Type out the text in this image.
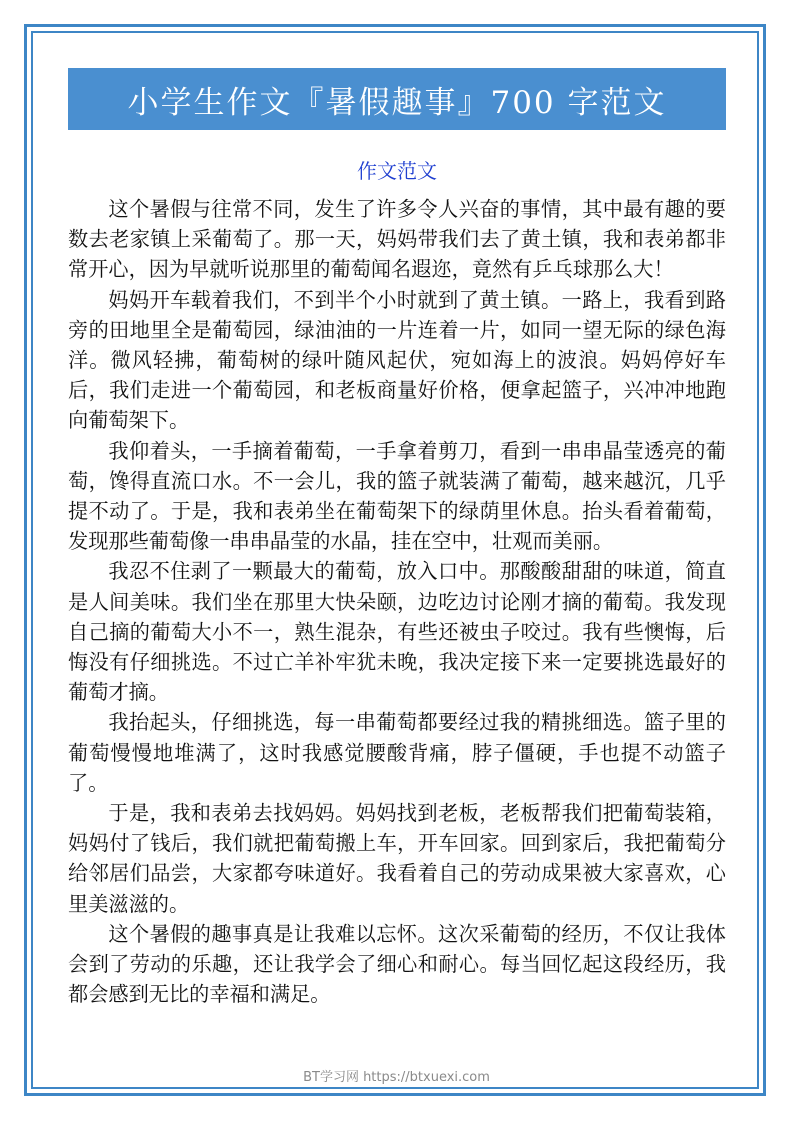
小学生作文『暑假趣事』700 字范文
作文范文

这个暑假与往常不同，发生了许多令人兴奋的事情，其中最有趣的要数去老家镇上采葡萄了。那一天，妈妈带我们去了黄土镇，我和表弟都非常开心，因为早就听说那里的葡萄闻名遐迩，竟然有乒乓球那么大！

妈妈开车载着我们，不到半个小时就到了黄土镇。一路上，我看到路旁的田地里全是葡萄园，绿油油的一片连着一片，如同一望无际的绿色海洋。微风轻拂，葡萄树的绿叶随风起伏，宛如海上的波浪。妈妈停好车后，我们走进一个葡萄园，和老板商量好价格，便拿起篮子，兴冲冲地跑向葡萄架下。

我仰着头，一手摘着葡萄，一手拿着剪刀，看到一串串晶莹透亮的葡萄，馋得直流口水。不一会儿，我的篮子就装满了葡萄，越来越沉，几乎提不动了。于是，我和表弟坐在葡萄架下的绿荫里休息。抬头看着葡萄，发现那些葡萄像一串串晶莹的水晶，挂在空中，壮观而美丽。

我忍不住剥了一颗最大的葡萄，放入口中。那酸酸甜甜的味道，简直是人间美味。我们坐在那里大快朵颐，边吃边讨论刚才摘的葡萄。我发现自己摘的葡萄大小不一，熟生混杂，有些还被虫子咬过。我有些懊悔，后悔没有仔细挑选。不过亡羊补牢犹未晚，我决定接下来一定要挑选最好的葡萄才摘。

我抬起头，仔细挑选，每一串葡萄都要经过我的精挑细选。篮子里的葡萄慢慢地堆满了，这时我感觉腰酸背痛，脖子僵硬，手也提不动篮子了。

于是，我和表弟去找妈妈。妈妈找到老板，老板帮我们把葡萄装箱，妈妈付了钱后，我们就把葡萄搬上车，开车回家。回到家后，我把葡萄分给邻居们品尝，大家都夸味道好。我看着自己的劳动成果被大家喜欢，心里美滋滋的。

这个暑假的趣事真是让我难以忘怀。这次采葡萄的经历，不仅让我体会到了劳动的乐趣，还让我学会了细心和耐心。每当回忆起这段经历，我都会感到无比的幸福和满足。

BT学习网 https://btxuexi.com
